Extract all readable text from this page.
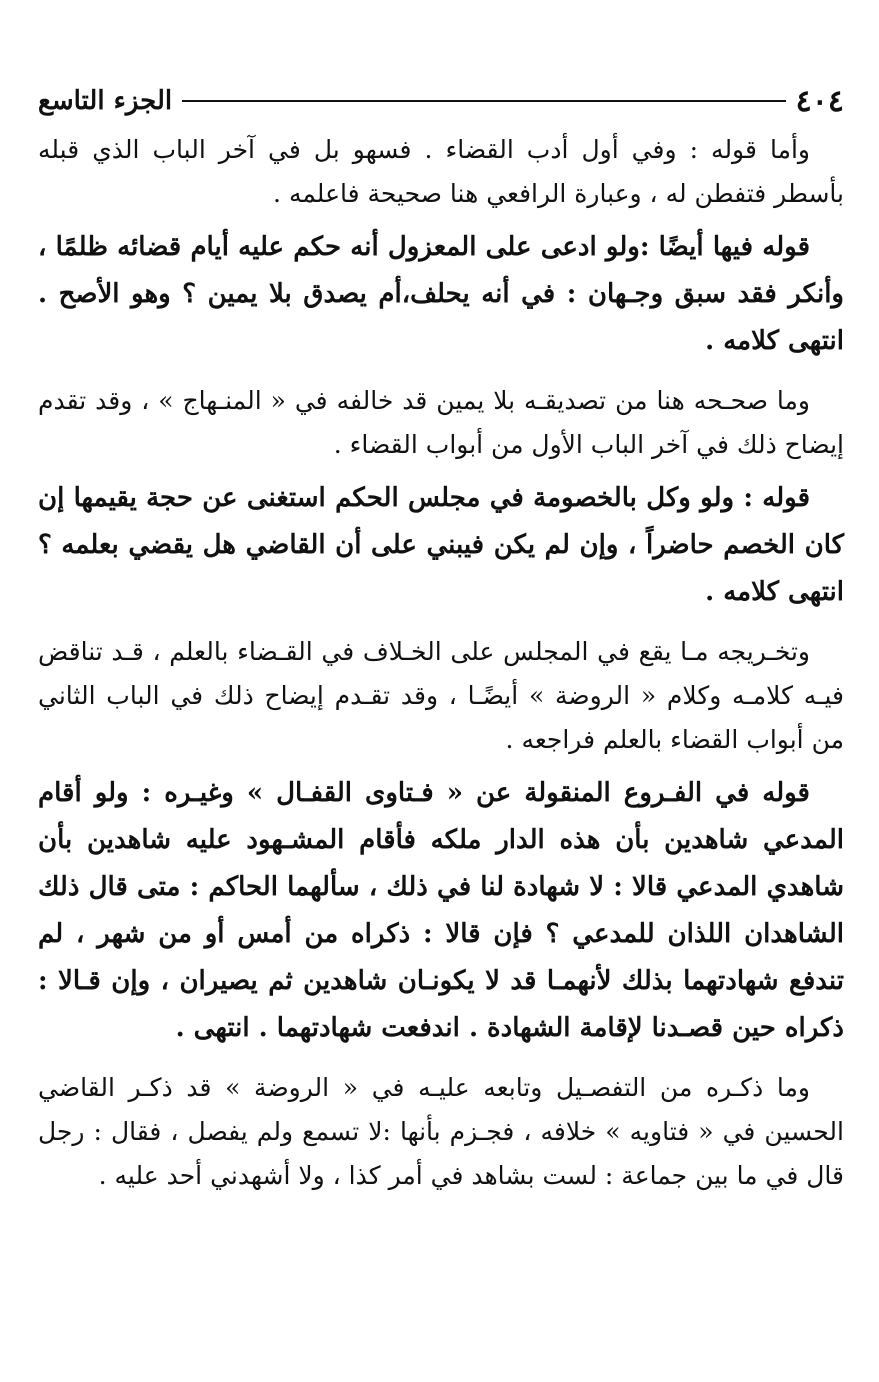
٤٠٤
الجزء التاسع

وأما قوله : وفي أول أدب القضاء . فسهو بل في آخر الباب الذي قبله بأسطر فتفطن له ، وعبارة الرافعي هنا صحيحة فاعلمه .

قوله فيها أيضًا :ولو ادعى على المعزول أنه حكم عليه أيام قضائه ظلمًا ، وأنكر فقد سبق وجـهان : في أنه يحلف،أم يصدق بلا يمين ؟ وهو الأصح . انتهى كلامه .

وما صحـحه هنا من تصديقـه بلا يمين قد خالفه في « المنـهاج » ، وقد تقدم إيضاح ذلك في آخر الباب الأول من أبواب القضاء .

قوله : ولو وكل بالخصومة في مجلس الحكم استغنى عن حجة يقيمها إن كان الخصم حاضراً ، وإن لم يكن فيبني على أن القاضي هل يقضي بعلمه ؟ انتهى كلامه .

وتخـريجه مـا يقع في المجلس على الخـلاف في القـضاء بالعلم ، قـد تناقض فيـه كلامـه وكلام « الروضة » أيضًـا ، وقد تقـدم إيضاح ذلك في الباب الثاني من أبواب القضاء بالعلم فراجعه .

قوله في الفـروع المنقولة عن « فـتاوى القفـال » وغيـره : ولو أقام المدعي شاهدين بأن هذه الدار ملكه فأقام المشـهود عليه شاهدين بأن شاهدي المدعي قالا : لا شهادة لنا في ذلك ، سألهما الحاكم : متى قال ذلك الشاهدان اللذان للمدعي ؟ فإن قالا : ذكراه من أمس أو من شهر ، لم تندفع شهادتهما بذلك لأنهمـا قد لا يكونـان شاهدين ثم يصيران ، وإن قـالا : ذكراه حين قصـدنا لإقامة الشهادة . اندفعت شهادتهما . انتهى .

وما ذكـره من التفصـيل وتابعه عليـه في « الروضة » قد ذكـر القاضي الحسين في « فتاويه » خلافه ، فجـزم بأنها :لا تسمع ولم يفصل ، فقال : رجل قال في ما بين جماعة : لست بشاهد في أمر كذا ، ولا أشهدني أحد عليه .
